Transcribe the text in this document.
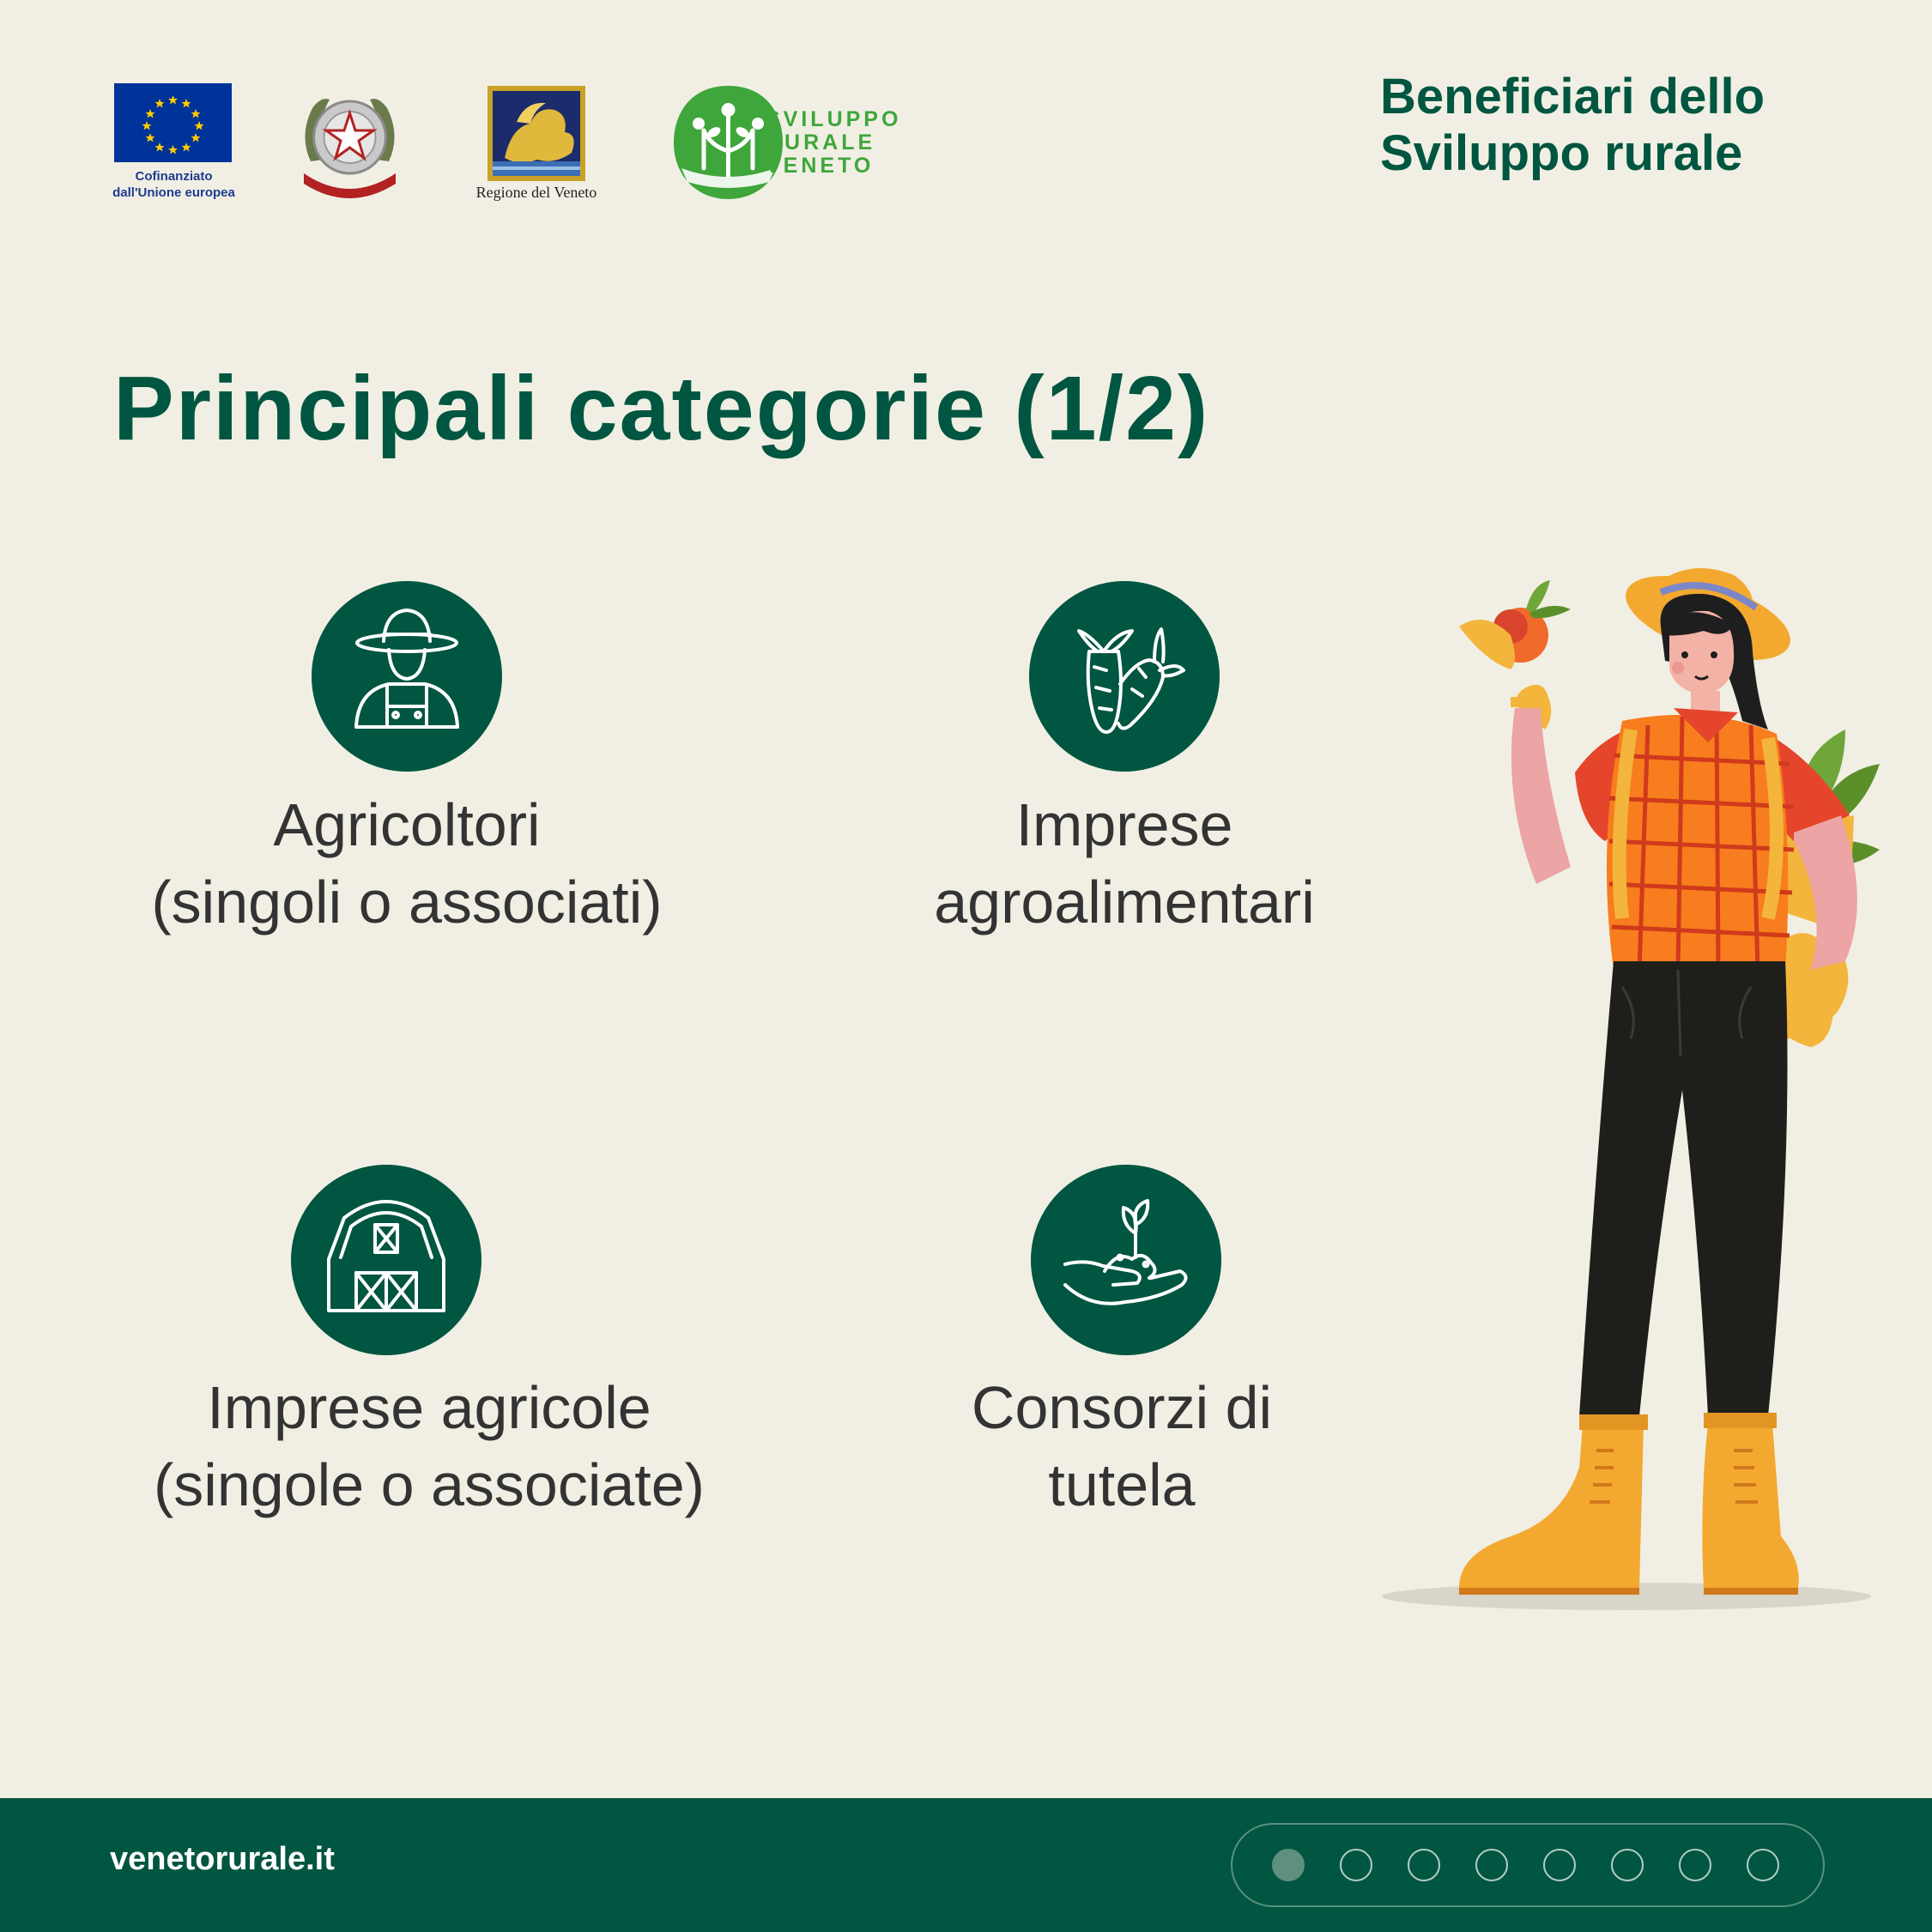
Cofinanziato
dall'Unione europea	Regione del Veneto
SVILUPPO
RURALE
VENETO
Beneficiari dello
Sviluppo rurale
Principali categorie (1/2)
Agricoltori
(singoli o associati)
Imprese
agroalimentari
Imprese agricole
(singole o associate)
Consorzi di
tutela
venetorurale.it
